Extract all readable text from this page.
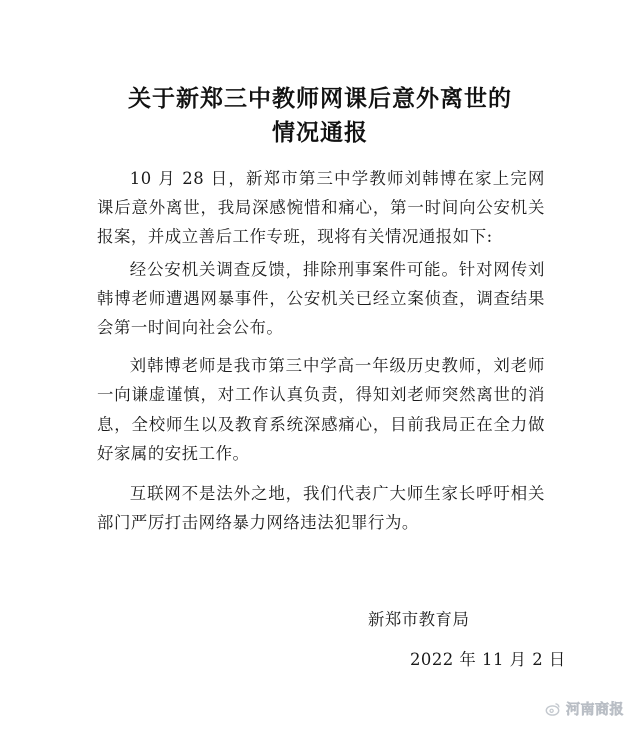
关于新郑三中教师网课后意外离世的
情况通报

10 月 28 日，新郑市第三中学教师刘韩博在家上完网课后意外离世，我局深感惋惜和痛心，第一时间向公安机关报案，并成立善后工作专班，现将有关情况通报如下:

经公安机关调查反馈，排除刑事案件可能。针对网传刘韩博老师遭遇网暴事件，公安机关已经立案侦查，调查结果会第一时间向社会公布。

刘韩博老师是我市第三中学高一年级历史教师，刘老师一向谦虚谨慎，对工作认真负责，得知刘老师突然离世的消息，全校师生以及教育系统深感痛心，目前我局正在全力做好家属的安抚工作。

互联网不是法外之地，我们代表广大师生家长呼吁相关部门严厉打击网络暴力网络违法犯罪行为。

新郑市教育局
2022 年 11 月 2 日
河南商报
